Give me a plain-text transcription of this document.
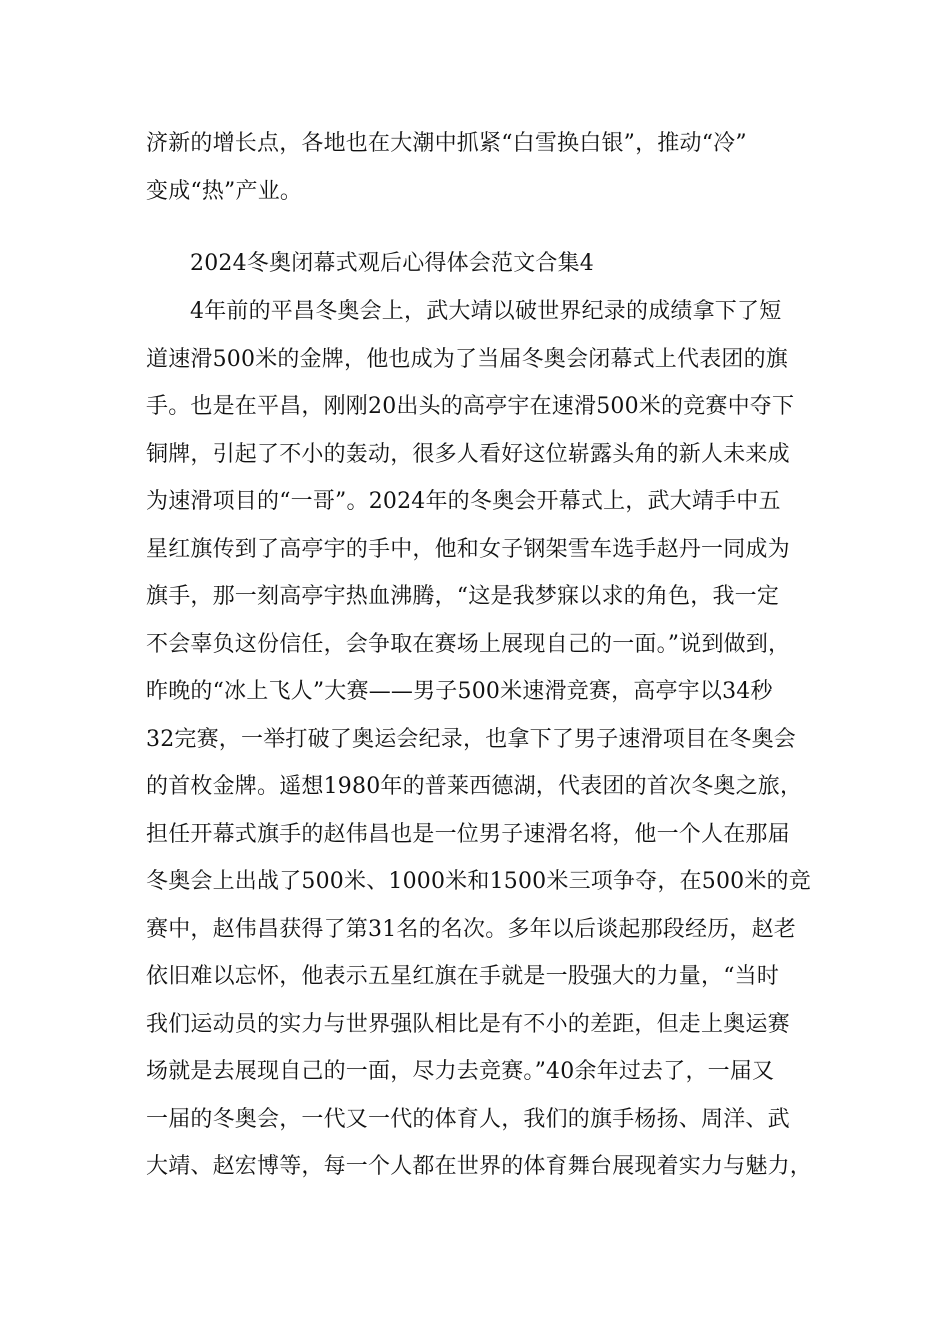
济新的增长点，各地也在大潮中抓紧“白雪换白银”，推动“冷”
变成“热”产业。
2024冬奥闭幕式观后心得体会范文合集4
4年前的平昌冬奥会上，武大靖以破世界纪录的成绩拿下了短
道速滑500米的金牌，他也成为了当届冬奥会闭幕式上代表团的旗
手。也是在平昌，刚刚20出头的高亭宇在速滑500米的竞赛中夺下
铜牌，引起了不小的轰动，很多人看好这位崭露头角的新人未来成
为速滑项目的“一哥”。2024年的冬奥会开幕式上，武大靖手中五
星红旗传到了高亭宇的手中，他和女子钢架雪车选手赵丹一同成为
旗手，那一刻高亭宇热血沸腾，“这是我梦寐以求的角色，我一定
不会辜负这份信任，会争取在赛场上展现自己的一面。”说到做到，
昨晚的“冰上飞人”大赛——男子500米速滑竞赛，高亭宇以34秒
32完赛，一举打破了奥运会纪录，也拿下了男子速滑项目在冬奥会
的首枚金牌。遥想1980年的普莱西德湖，代表团的首次冬奥之旅，
担任开幕式旗手的赵伟昌也是一位男子速滑名将，他一个人在那届
冬奥会上出战了500米、1000米和1500米三项争夺，在500米的竞
赛中，赵伟昌获得了第31名的名次。多年以后谈起那段经历，赵老
依旧难以忘怀，他表示五星红旗在手就是一股强大的力量，“当时
我们运动员的实力与世界强队相比是有不小的差距，但走上奥运赛
场就是去展现自己的一面，尽力去竞赛。”40余年过去了，一届又
一届的冬奥会，一代又一代的体育人，我们的旗手杨扬、周洋、武
大靖、赵宏博等，每一个人都在世界的体育舞台展现着实力与魅力，
